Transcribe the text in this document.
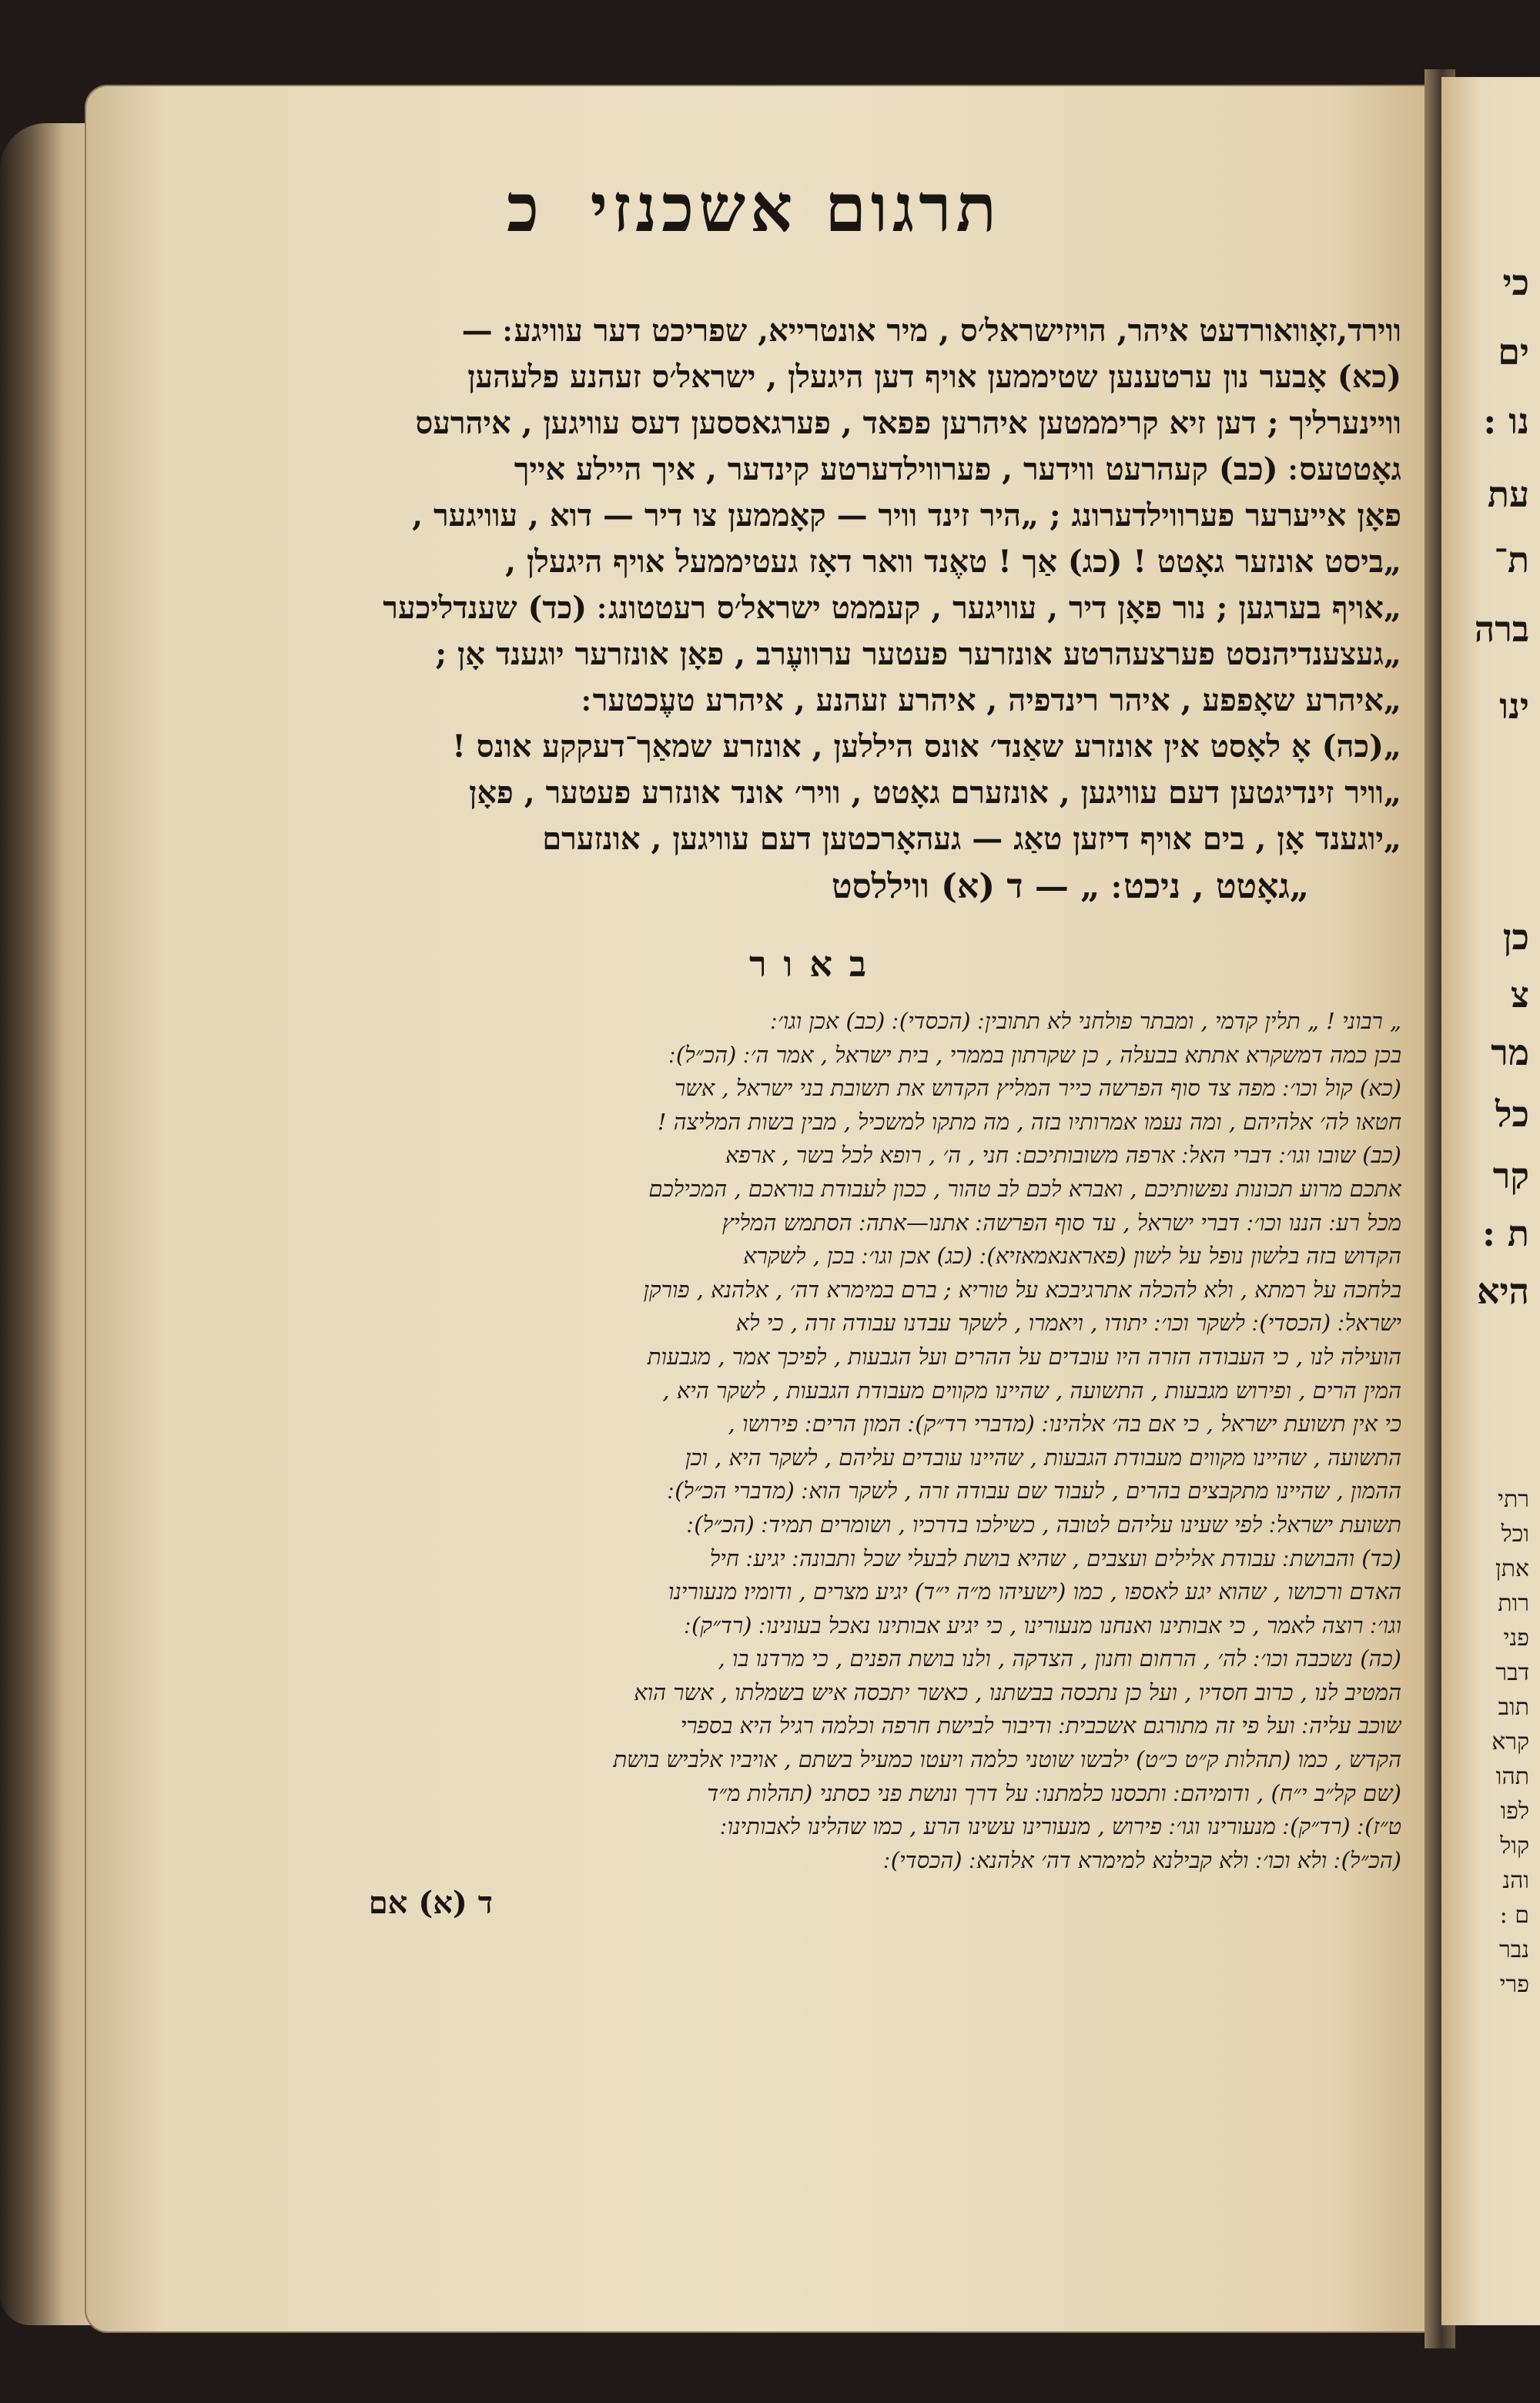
כי
ים
נו :
עת
ת־
ברה
ינו
כן
צ
מר
כל
קר
ת :
היא
רתי
וכל
אתן
רות
פני
דבר
תוב
קרא
תהו
לפו
קול
והנ
ם :
נבר
פרי
תרגום אשכנזי
כ
ווירד,זאָוואורדעט איהר, הויזישראל׳ס , מיר אונטרייא, שפריכט דער עוויגע ׃ —
(כא) אָבער נון ערטענען שטיממען אויף דען היגעלן , ישראל׳ס זעהנע פלעהען
וויינערליך ; דען זיא קריממטען איהרען פפאד , פערגאססען דעס עוויגען , איהרעס
גאָטטעס ׃ (כב) קעהרעט ווידער , פערווילדערטע קינדער , איך היילע אייך
פאָן אייערער פערווילדערונג ; „היר זינד וויר — קאָממען צו דיר — דוא , עוויגער ,
„ביסט אונזער גאָטט ! (כג) אַך ! טאֶנד וואר דאָז געטיממעל אויף היגעלן ,
„אויף בערגען ; נור פאָן דיר , עוויגער , קעממט ישראל׳ס רעטטונג ׃ (כד) שענדליכער
„געצענדיהנסט פערצעהרטע אונזרער פעטער ערוועֶרב , פאָן אונזרער יוגענד אָן ;
„איהרע שאָפפע , איהר רינדפיה , איהרע זעהנע , איהרע טעֶכטער ׃
„(כה) אָ לאָסט אין אונזרע שאַנד׳ אונס היללען , אונזרע שמאַך־דעקקע אונס !
„וויר זינדיגטען דעם עוויגען , אונזערם גאָטט , וויר׳ אונד אונזרע פעטער , פאָן
„יוגענד אָן , בים אויף דיזען טאַג — געהאָרכטען דעם עוויגען , אונזערם
„גאָטט , ניכט ׃ „ — ד (א) וויללסט
באור
„ רבוני ! „ תלין קדמי , ומבתר פולחני לא תתובין ׃ (הכסדי) ׃ (כב) אכן וגו׳ ׃
בכן כמה דמשקרא אתתא בבעלה , כן שקרתון בממרי , בית ישראל , אמר ה׳ ׃ (הכ״ל) ׃
(כא) קול וכו׳ ׃ מפה צד סוף הפרשה כייר המליץ הקדוש את תשובת בני ישראל , אשר
חטאו לה׳ אלהיהם , ומה נעמו אמרותיו בזה , מה מתקו למשכיל , מבין בשות המליצה !
(כב) שובו וגו׳ ׃ דברי האל ׃ ארפה משובותיכם ׃ חני , ה׳ , רופא לכל בשר , ארפא
אתכם מרוע תכונות נפשותיכם , ואברא לכם לב טהור , ככון לעבודת בוראכם , המכילכם
מכל רע ׃ הננו וכו׳ ׃ דברי ישראל , עד סוף הפרשה ׃ אתנו—אתה ׃ הסתמש המליץ
הקדוש בזה בלשון נופל על לשון (פאראנאמאזיא) ׃ (כג) אכן וגו׳ ׃ בכן , לשקרא
בלחכה על רמתא , ולא להכלה אתרגיבכא על טוריא ; ברם במימרא דה׳ , אלהנא , פורקן
ישראל ׃ (הכסדי) ׃ לשקר וכו׳ ׃ יתודו , ויאמרו , לשקר עבדנו עבודה זרה , כי לא
הועילה לנו , כי העבודה הזרה היו עובדים על ההרים ועל הגבעות , לפיכך אמר , מגבעות
המין הרים , ופירוש מגבעות , התשועה , שהיינו מקווים מעבודת הגבעות , לשקר היא ,
כי אין תשועת ישראל , כי אם בה׳ אלהינו ׃ (מדברי רד״ק) ׃ המון הרים ׃ פירושו ,
התשועה , שהיינו מקווים מעבודת הגבעות , שהיינו עובדים עליהם , לשקר היא , וכן
ההמון , שהיינו מתקבצים בהרים , לעבוד שם עבודה זרה , לשקר הוא ׃ (מדברי הכ״ל) ׃
תשועת ישראל ׃ לפי שעינו עליהם לטובה , כשילכו בדרכיו , ושומרים תמיד ׃ (הכ״ל) ׃
(כד) והבושת ׃ עבודת אלילים ועצבים , שהיא בושת לבעלי שכל ותבונה ׃ יגיע ׃ חיל
האדם ורכושו , שהוא יגע לאספו , כמו (ישעיהו מ״ה י״ד) יגיע מצרים , ודומיו׃ מנעורינו
וגו׳ ׃ רוצה לאמר , כי אבותינו ואנחנו מנעורינו , כי יגיע אבותינו נאכל בעונינו ׃ (רד״ק) ׃
(כה) נשכבה וכו׳ ׃ לה׳ , הרחום וחנון , הצדקה , ולנו בושת הפנים , כי מרדנו בו ,
המטיב לנו , כרוב חסדיו , ועל כן נתכסה בבשתנו , כאשר יתכסה איש בשמלתו , אשר הוא
שוכב עליה ׃ ועל פי זה מתורגם אשכבית ׃ ודיבור לבישת חרפה וכלמה רגיל היא בספרי
הקדש , כמו (תהלות ק״ט כ״ט) ילבשו שוטני כלמה ויעטו כמעיל בשתם , אויביו אלביש בושת
(שם קל״ב י״ח) , ודומיהם ׃ ותכסנו כלמתנו ׃ על דרך ונושת פני כסתני (תהלות מ״ד
ט״ז) ׃ (רד״ק) ׃ מנעורינו וגו׳ ׃ פירוש , מנעורינו עשינו הרע , כמו שהלינו לאבותינו ׃
(הכ״ל) ׃ ולא וכו׳ ׃ ולא קבילנא למימרא דה׳ אלהנא ׃ (הכסדי) ׃
ד (א) אם
